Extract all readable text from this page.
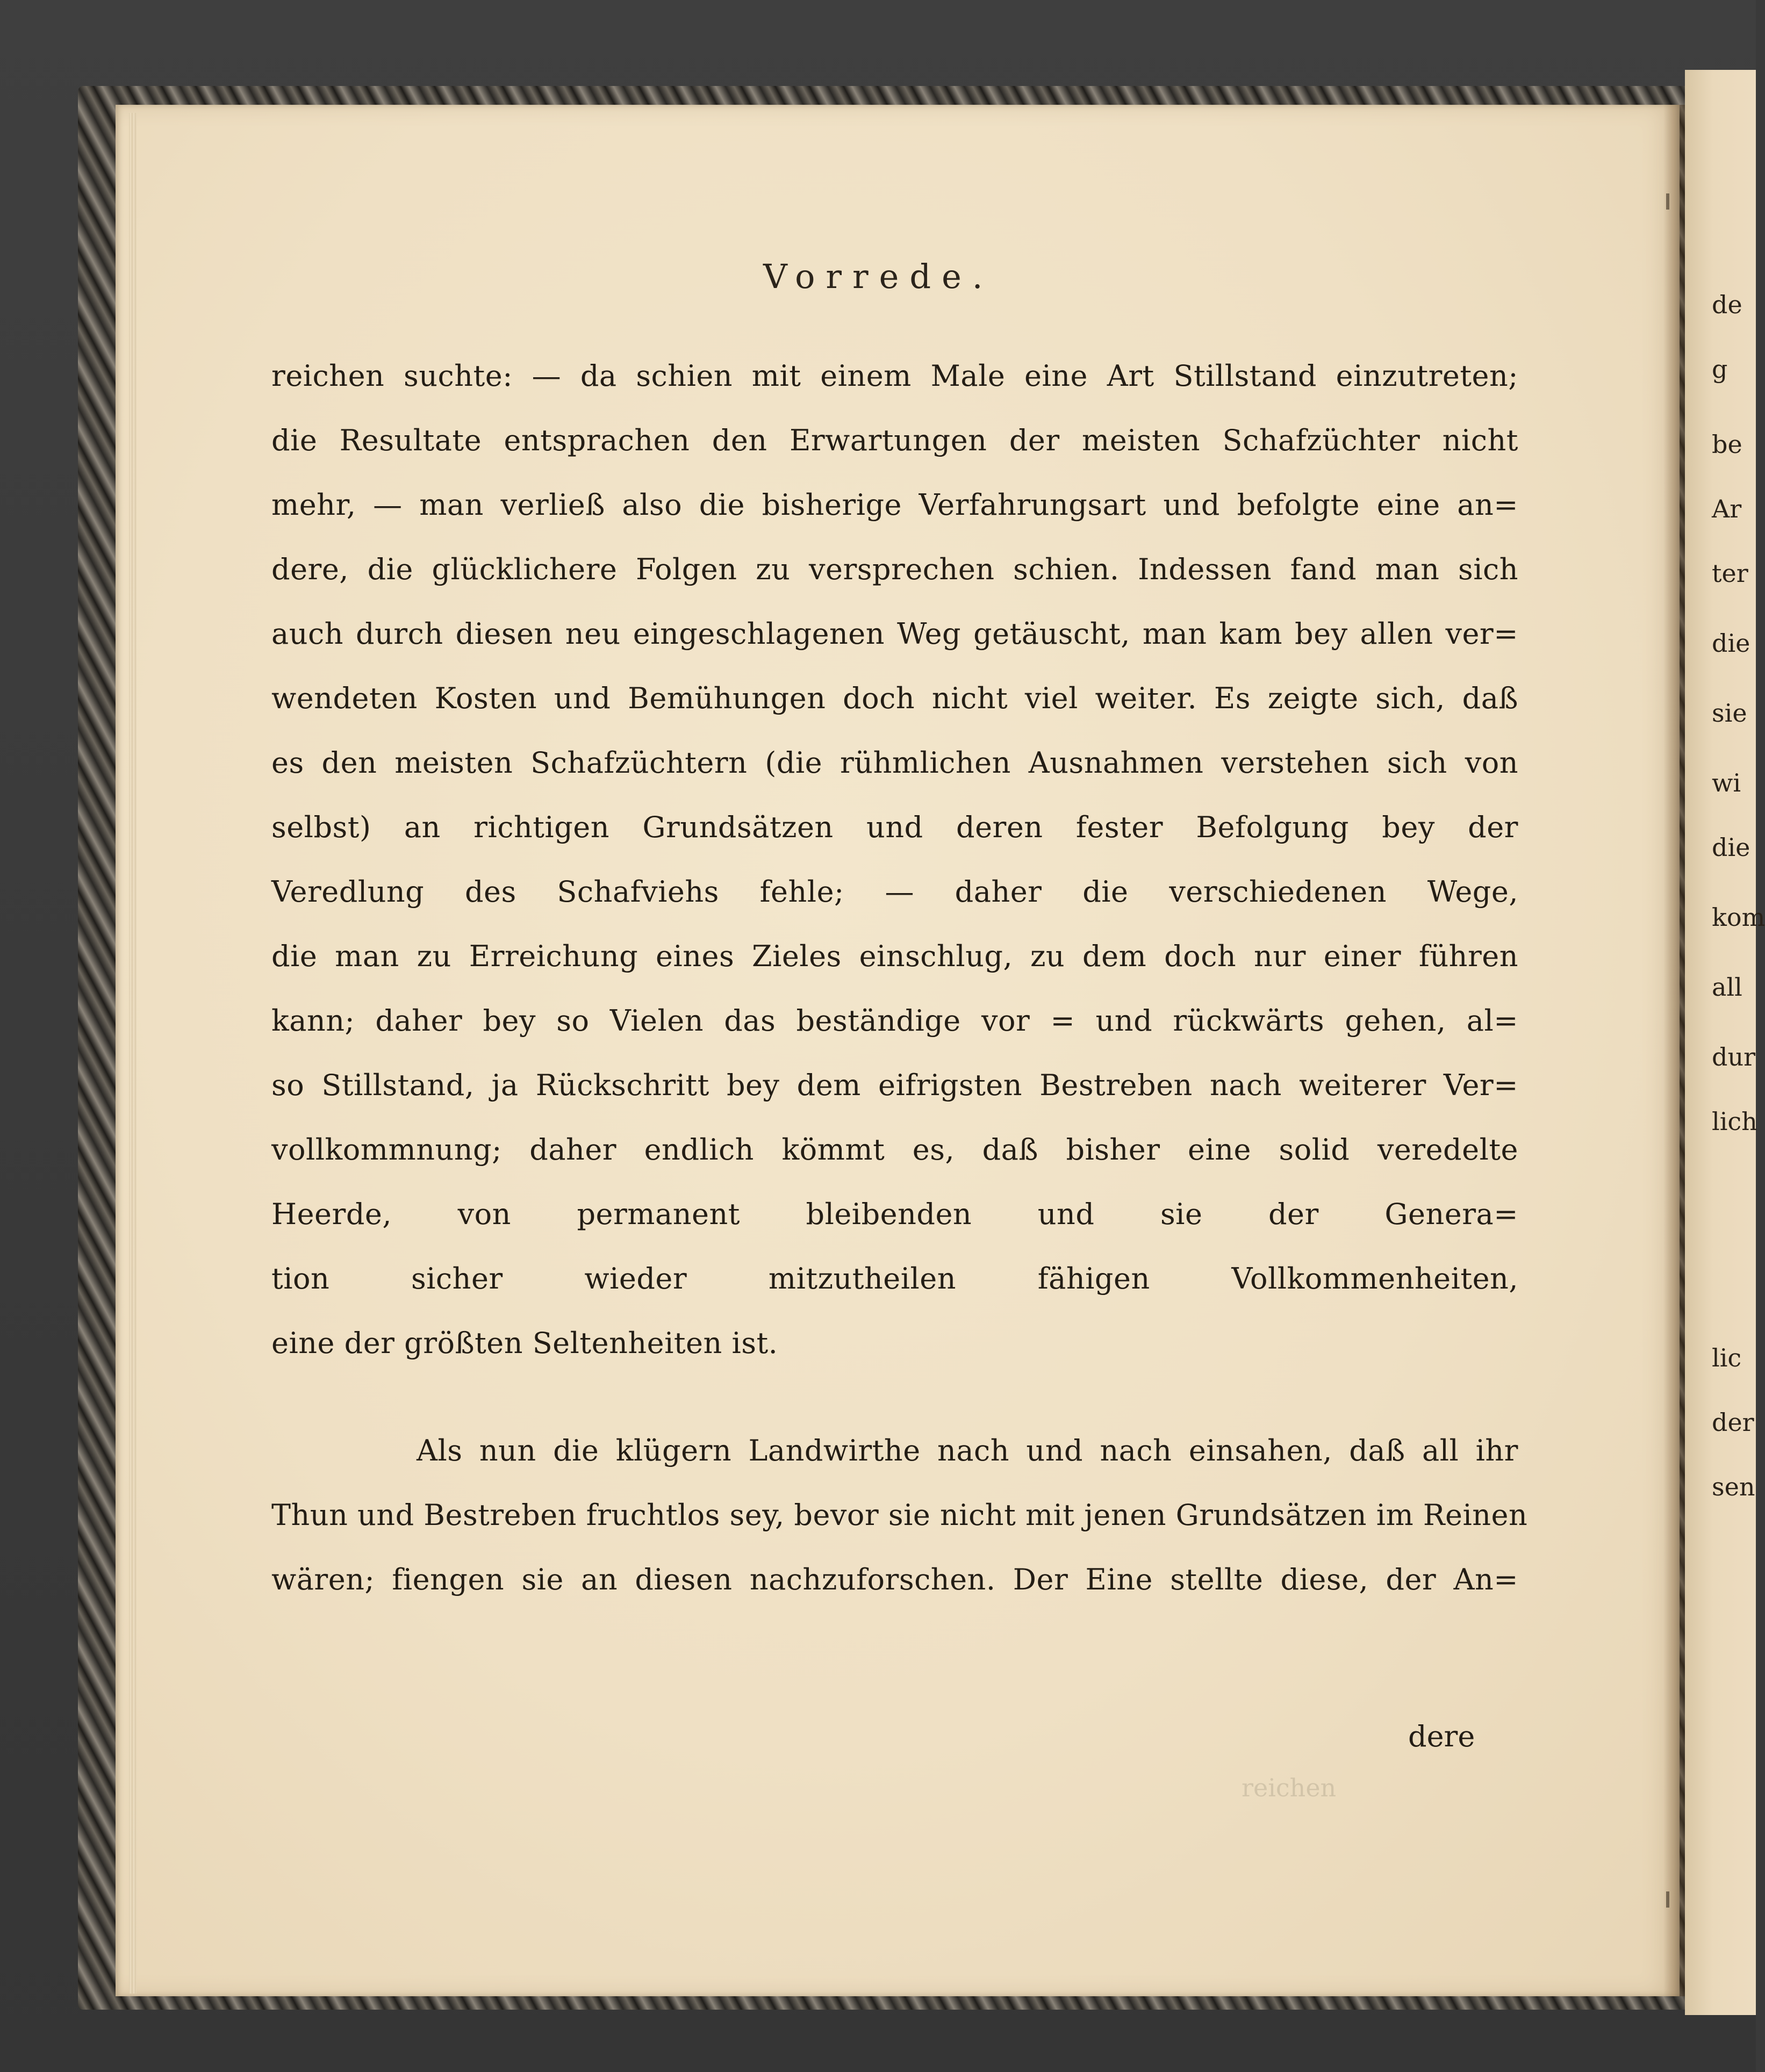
de
g
be
Ar
ter
die
sie
wi
die
kom
all
dur
lich
lic
der
sen
Vorrede.
reichen suchte: — da schien mit einem Male eine Art Stillstand einzutreten;
die Resultate entsprachen den Erwartungen der meisten Schafzüchter nicht
mehr, — man verließ also die bisherige Verfahrungsart und befolgte eine an=
dere, die glücklichere Folgen zu versprechen schien. Indessen fand man sich
auch durch diesen neu eingeschlagenen Weg getäuscht, man kam bey allen ver=
wendeten Kosten und Bemühungen doch nicht viel weiter. Es zeigte sich, daß
es den meisten Schafzüchtern (die rühmlichen Ausnahmen verstehen sich von
selbst) an richtigen Grundsätzen und deren fester Befolgung bey der
Veredlung des Schafviehs fehle; — daher die verschiedenen Wege,
die man zu Erreichung eines Zieles einschlug, zu dem doch nur einer führen
kann; daher bey so Vielen das beständige vor = und rückwärts gehen, al=
so Stillstand, ja Rückschritt bey dem eifrigsten Bestreben nach weiterer Ver=
vollkommnung; daher endlich kömmt es, daß bisher eine solid veredelte
Heerde, von permanent bleibenden und sie der Genera=
tion sicher wieder mitzutheilen fähigen Vollkommenheiten,
eine der größten Seltenheiten ist.
Als nun die klügern Landwirthe nach und nach einsahen, daß all ihr
Thun und Bestreben fruchtlos sey, bevor sie nicht mit jenen Grundsätzen im Reinen
wären; fiengen sie an diesen nachzuforschen. Der Eine stellte diese, der An=
dere
reichen
